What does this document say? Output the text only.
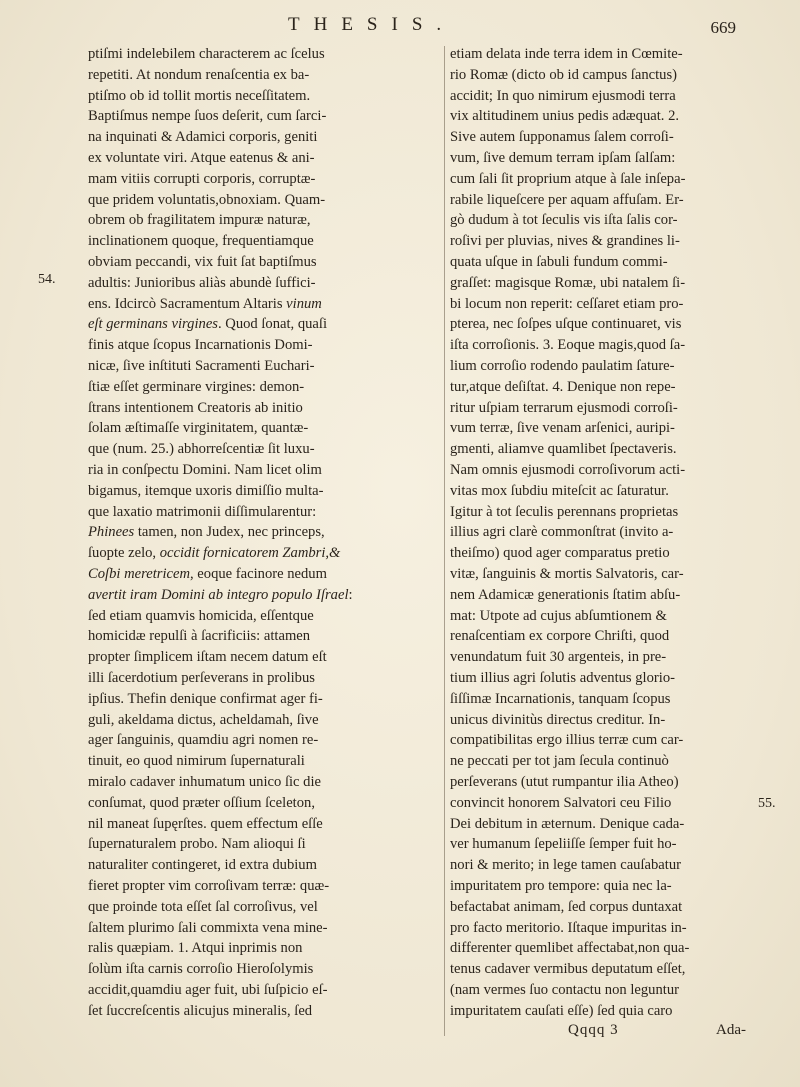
THESIS.	669
ptiſmi indelebilem characterem ac ſcelus
repetiti. At nondum renaſcentia ex ba-
ptiſmo ob id tollit mortis neceſſitatem.
Baptiſmus nempe ſuos deſerit, cum ſarci-
na inquinati & Adamici corporis, geniti
ex voluntate viri. Atque eatenus & ani-
mam vitiis corrupti corporis, corruptæ-
que pridem voluntatis,obnoxiam. Quam-
obrem ob fragilitatem impuræ naturæ,
inclinationem quoque, frequentiamque
obviam peccandi, vix fuit ſat baptiſmus
adultis: Junioribus aliàs abundè ſuffici-
ens. Idcircò Sacramentum Altaris vinum
eſt germinans virgines. Quod ſonat, quaſi
finis atque ſcopus Incarnationis Domi-
nicæ, ſive inſtituti Sacramenti Euchari-
ſtiæ eſſet germinare virgines: demon-
ſtrans intentionem Creatoris ab initio
ſolam æſtimaſſe virginitatem, quantæ-
que (num. 25.) abhorreſcentiæ ſit luxu-
ria in conſpectu Domini. Nam licet olim
bigamus, itemque uxoris dimiſſio multa-
que laxatio matrimonii diſſimularentur:
Phinees tamen, non Judex, nec princeps,
ſuopte zelo, occidit fornicatorem Zambri,&
Coſbi meretricem, eoque facinore nedum
avertit iram Domini ab integro populo Iſrael:
ſed etiam quamvis homicida, eſſentque
homicidæ repulſi à ſacrificiis: attamen
propter ſimplicem iſtam necem datum eſt
illi ſacerdotium perſeverans in prolibus
ipſius. Thefin denique confirmat ager fi-
guli, akeldama dictus, acheldamah, ſive
ager ſanguinis, quamdiu agri nomen re-
tinuit, eo quod nimirum ſupernaturali
miralo cadaver inhumatum unico ſic die
conſumat, quod præter oſſium ſceleton,
nil maneat ſupęrſtes. quem effectum eſſe
ſupernaturalem probo. Nam alioqui ſi
naturaliter contingeret, id extra dubium
fieret propter vim corroſivam terræ: quæ-
que proinde tota eſſet ſal corroſivus, vel
ſaltem plurimo ſali commixta vena mine-
ralis quæpiam. 1. Atqui inprimis non
ſolùm iſta carnis corroſio Hieroſolymis
accidit,quamdiu ager fuit, ubi ſuſpicio eſ-
ſet ſuccreſcentis alicujus mineralis, ſed
etiam delata inde terra idem in Cœmite-
rio Romæ (dicto ob id campus ſanctus)
accidit; In quo nimirum ejusmodi terra
vix altitudinem unius pedis adæquat. 2.
Sive autem ſupponamus ſalem corroſi-
vum, ſive demum terram ipſam ſalſam:
cum ſali ſit proprium atque à ſale inſepa-
rabile liqueſcere per aquam affuſam. Er-
gò dudum à tot ſeculis vis iſta ſalis cor-
roſivi per pluvias, nives & grandines li-
quata uſque in ſabuli fundum commi-
graſſet: magisque Romæ, ubi natalem ſi-
bi locum non reperit: ceſſaret etiam pro-
pterea, nec ſoſpes uſque continuaret, vis
iſta corroſionis. 3. Eoque magis,quod ſa-
lium corroſio rodendo paulatim ſature-
tur,atque deſiſtat. 4. Denique non repe-
ritur uſpiam terrarum ejusmodi corroſi-
vum terræ, ſive venam arſenici, auripi-
gmenti, aliamve quamlibet ſpectaveris.
Nam omnis ejusmodi corroſivorum acti-
vitas mox ſubdiu miteſcit ac ſaturatur.
Igitur à tot ſeculis perennans proprietas
illius agri clarè commonſtrat (invito a-
theiſmo) quod ager comparatus pretio
vitæ, ſanguinis & mortis Salvatoris, car-
nem Adamicæ generationis ſtatim abſu-
mat: Utpote ad cujus abſumtionem &
renaſcentiam ex corpore Chriſti, quod
venundatum fuit 30 argenteis, in pre-
tium illius agri ſolutis adventus glorio-
ſiſſimæ Incarnationis, tanquam ſcopus
unicus divinitùs directus creditur. In-
compatibilitas ergo illius terræ cum car-
ne peccati per tot jam ſecula continuò
perſeverans (utut rumpantur ilia Atheo)
convincit honorem Salvatori ceu Filio
Dei debitum in æternum. Denique cada-
ver humanum ſepeliiſſe ſemper fuit ho-
nori & merito; in lege tamen cauſabatur
impuritatem pro tempore: quia nec la-
befactabat animam, ſed corpus duntaxat
pro facto meritorio. Iſtaque impuritas in-
differenter quemlibet affectabat,non qua-
tenus cadaver vermibus deputatum eſſet,
(nam vermes ſuo contactu non leguntur
impuritatem cauſati eſſe) ſed quia caro
54.
55.
Qqqq 3	Ada-
